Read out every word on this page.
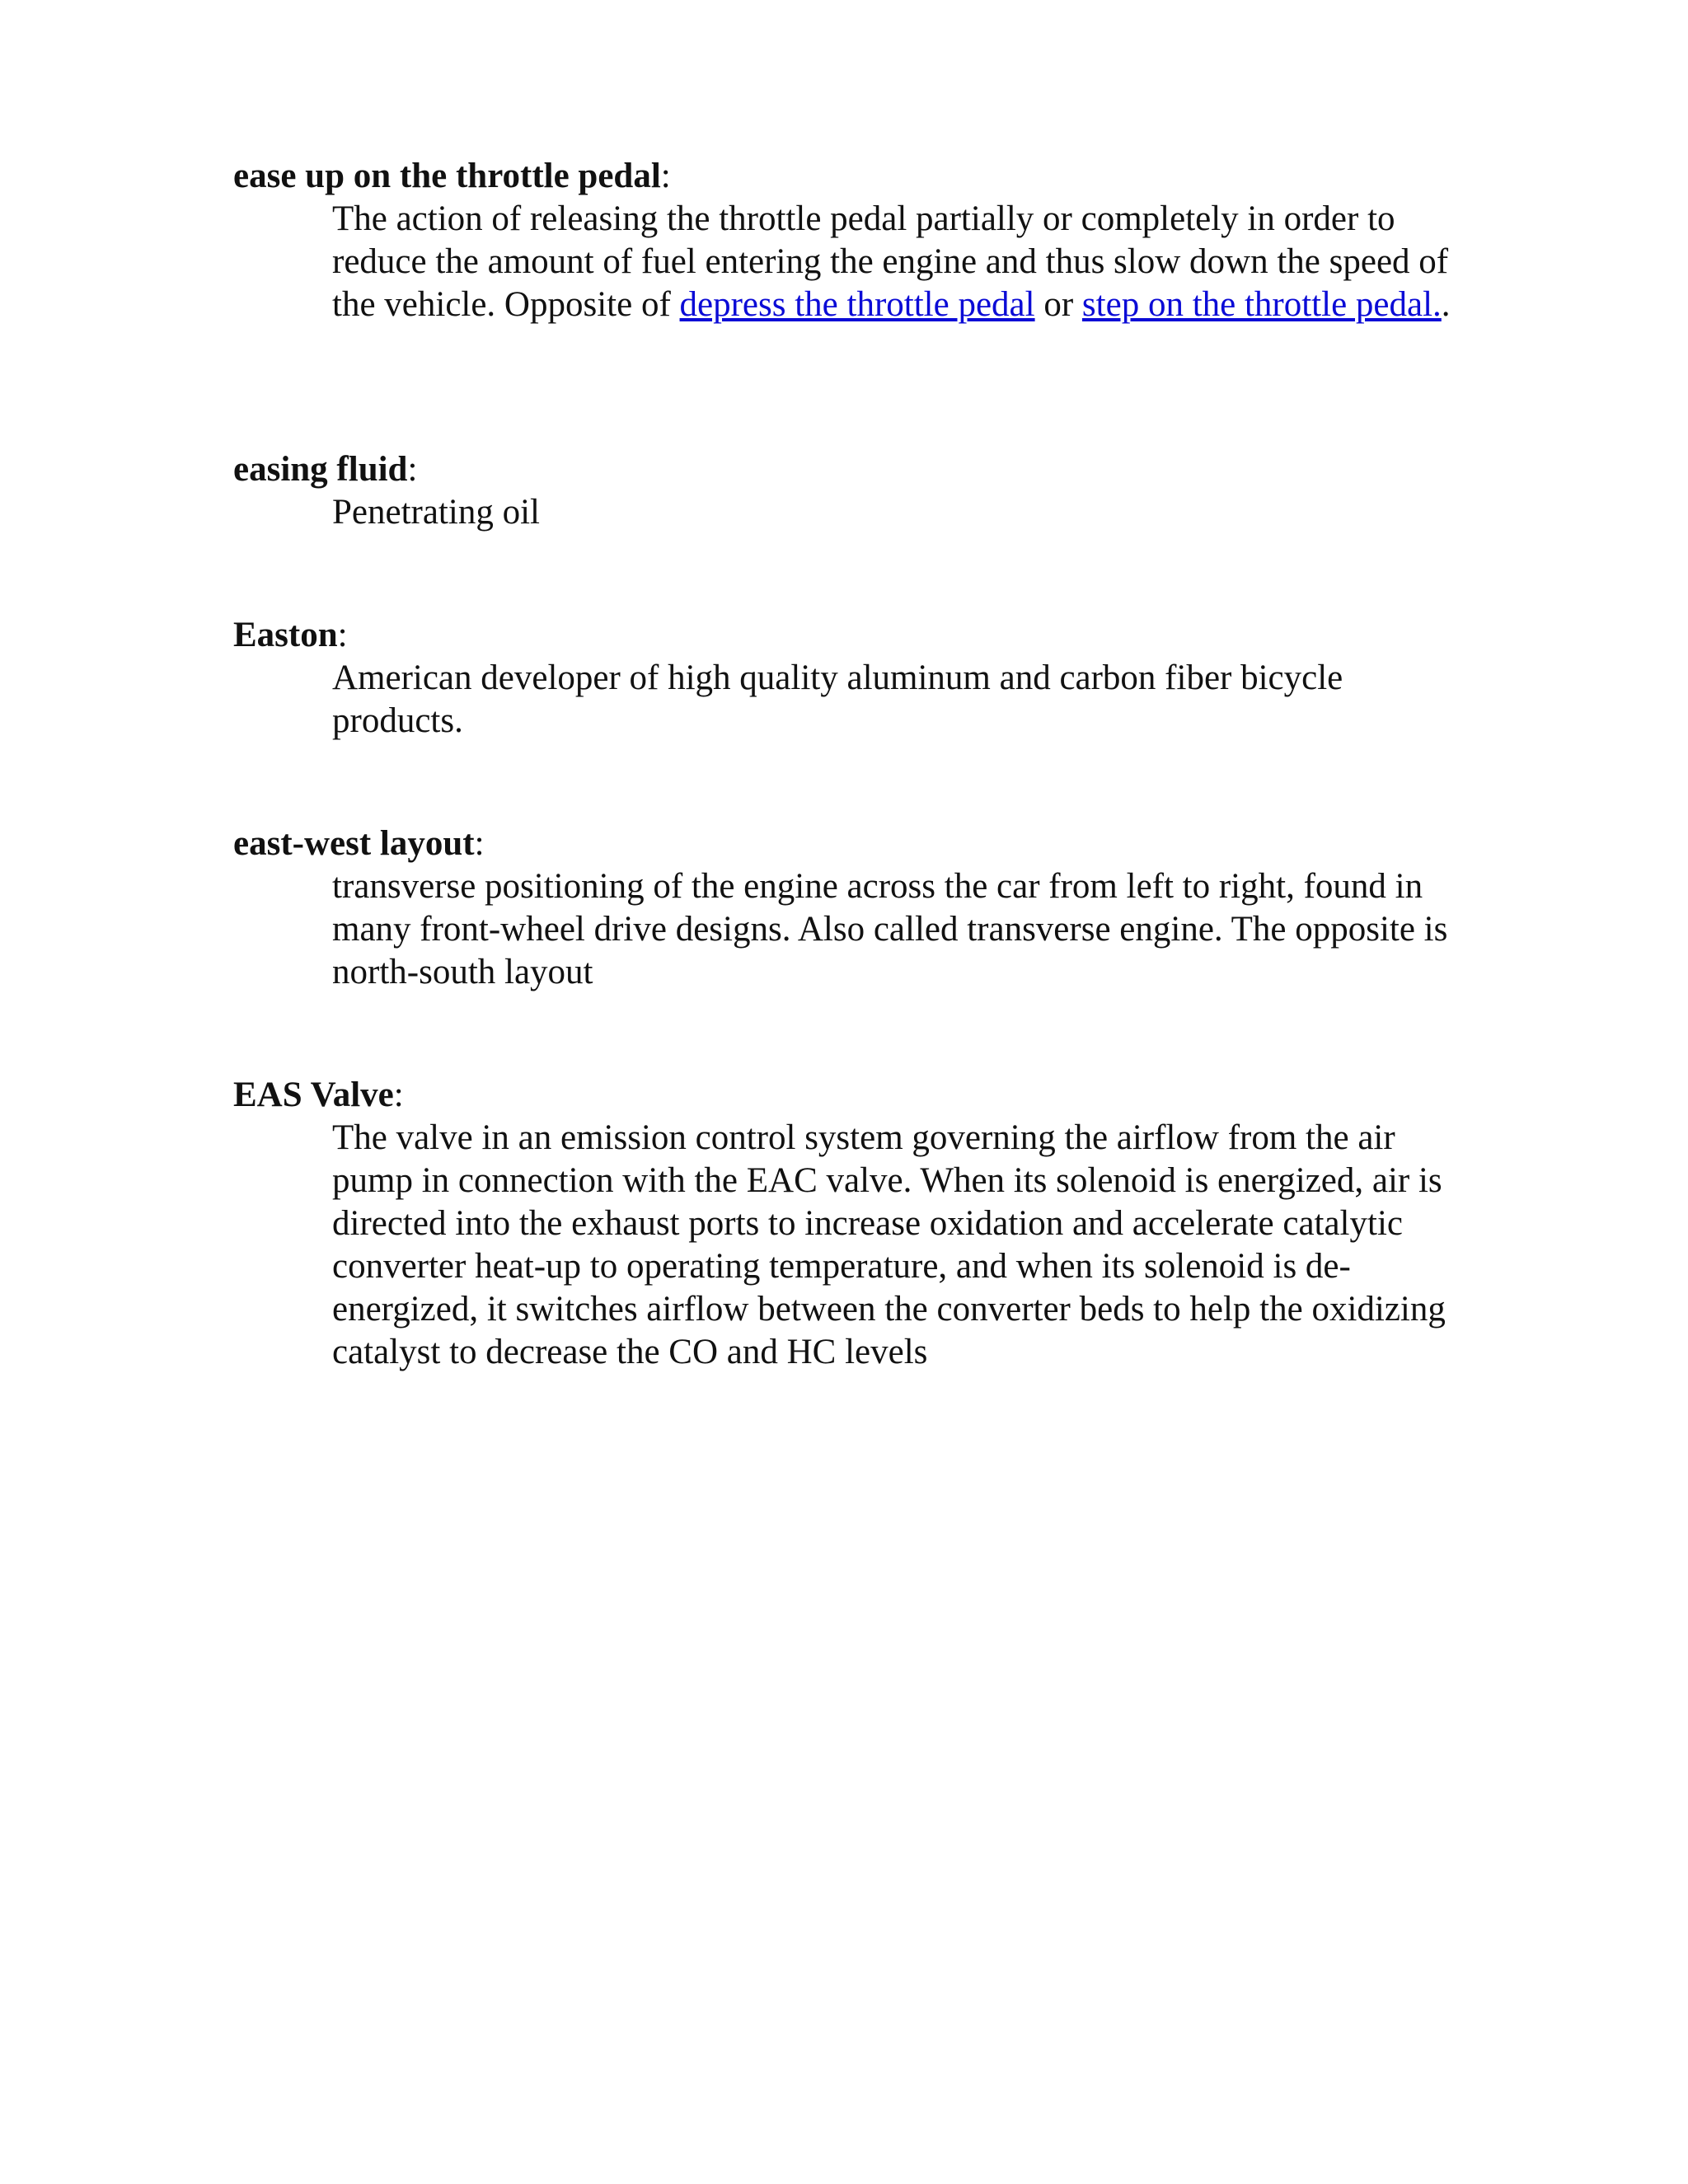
ease up on the throttle pedal:

The action of releasing the throttle pedal partially or completely in order to reduce the amount of fuel entering the engine and thus slow down the speed of the vehicle. Opposite of depress the throttle pedal or step on the throttle pedal..

easing fluid:

Penetrating oil

Easton:

American developer of high quality aluminum and carbon fiber bicycle products.

east-west layout:

transverse positioning of the engine across the car from left to right, found in many front-wheel drive designs. Also called transverse engine. The opposite is north-south layout

EAS Valve:

The valve in an emission control system governing the airflow from the air pump in connection with the EAC valve. When its solenoid is energized, air is directed into the exhaust ports to increase oxidation and accelerate catalytic converter heat-up to operating temperature, and when its solenoid is de-energized, it switches airflow between the converter beds to help the oxidizing catalyst to decrease the CO and HC levels
